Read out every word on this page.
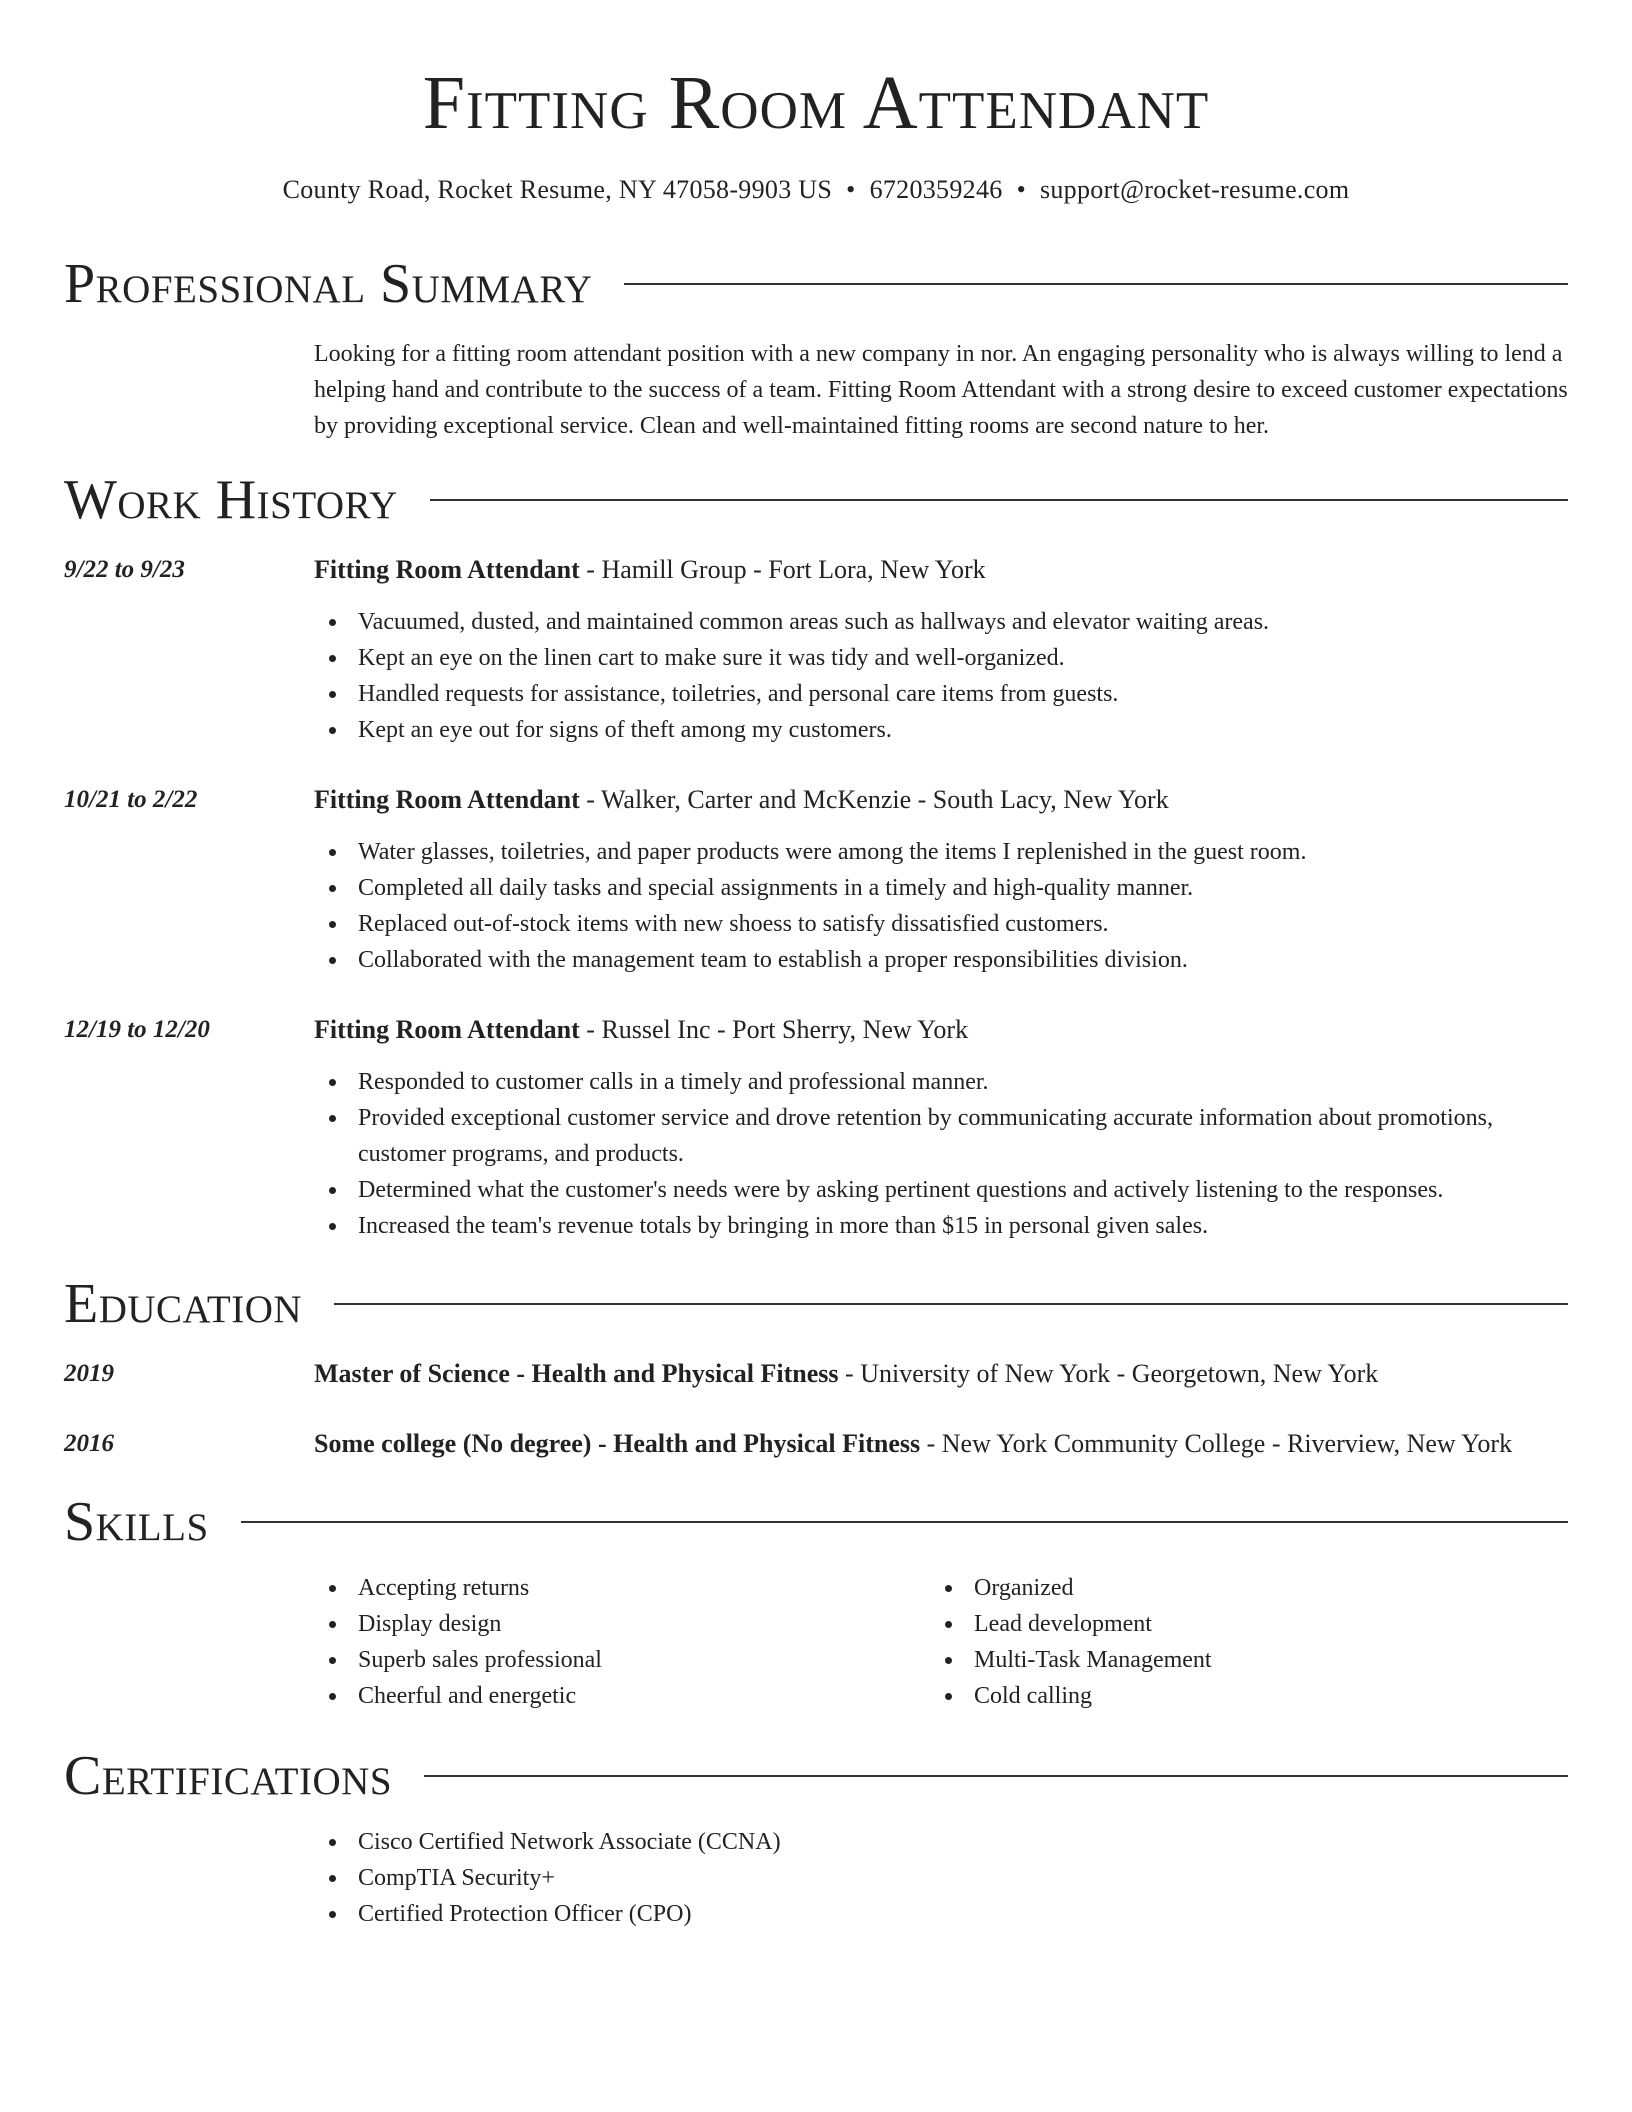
Fitting Room Attendant
County Road, Rocket Resume, NY 47058-9903 US • 6720359246 • support@rocket-resume.com
Professional Summary
Looking for a fitting room attendant position with a new company in nor. An engaging personality who is always willing to lend a helping hand and contribute to the success of a team. Fitting Room Attendant with a strong desire to exceed customer expectations by providing exceptional service. Clean and well-maintained fitting rooms are second nature to her.
Work History
9/22 to 9/23	Fitting Room Attendant - Hamill Group - Fort Lora, New York
Vacuumed, dusted, and maintained common areas such as hallways and elevator waiting areas.
Kept an eye on the linen cart to make sure it was tidy and well-organized.
Handled requests for assistance, toiletries, and personal care items from guests.
Kept an eye out for signs of theft among my customers.
10/21 to 2/22	Fitting Room Attendant - Walker, Carter and McKenzie - South Lacy, New York
Water glasses, toiletries, and paper products were among the items I replenished in the guest room.
Completed all daily tasks and special assignments in a timely and high-quality manner.
Replaced out-of-stock items with new shoess to satisfy dissatisfied customers.
Collaborated with the management team to establish a proper responsibilities division.
12/19 to 12/20	Fitting Room Attendant - Russel Inc - Port Sherry, New York
Responded to customer calls in a timely and professional manner.
Provided exceptional customer service and drove retention by communicating accurate information about promotions, customer programs, and products.
Determined what the customer's needs were by asking pertinent questions and actively listening to the responses.
Increased the team's revenue totals by bringing in more than $15 in personal given sales.
Education
2019	Master of Science - Health and Physical Fitness - University of New York - Georgetown, New York
2016	Some college (No degree) - Health and Physical Fitness - New York Community College - Riverview, New York
Skills
Accepting returns
Display design
Superb sales professional
Cheerful and energetic
Organized
Lead development
Multi-Task Management
Cold calling
Certifications
Cisco Certified Network Associate (CCNA)
CompTIA Security+
Certified Protection Officer (CPO)
